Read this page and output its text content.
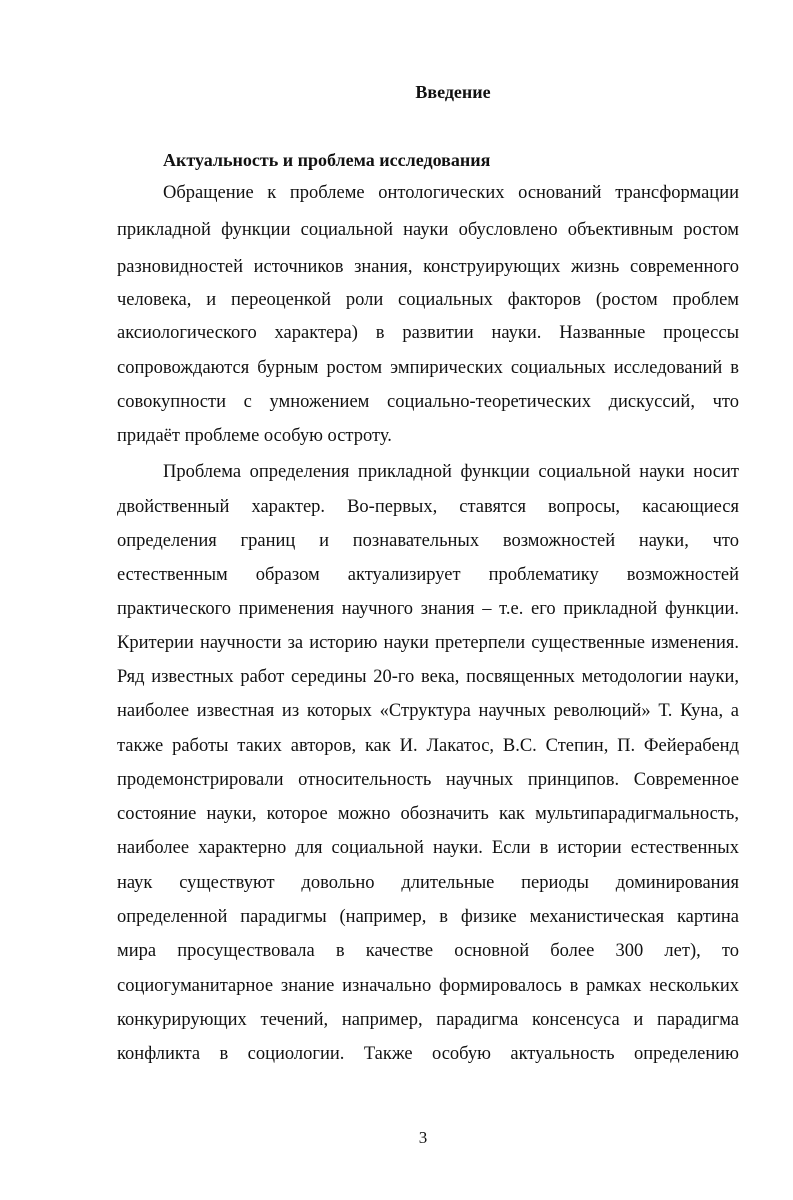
Введение
Актуальность и проблема исследования

Обращение к проблеме онтологических оснований трансформации

прикладной функции социальной науки обусловлено объективным ростом

разновидностей источников знания, конструирующих жизнь современного

человека, и переоценкой роли социальных факторов (ростом проблем

аксиологического характера) в развитии науки. Названные процессы

сопровождаются бурным ростом эмпирических социальных исследований в

совокупности с умножением социально-теоретических дискуссий, что

придаёт проблеме особую остроту.

Проблема определения прикладной функции социальной науки носит

двойственный характер. Во-первых, ставятся вопросы, касающиеся

определения границ и познавательных возможностей науки, что

естественным образом актуализирует проблематику возможностей

практического применения научного знания – т.е. его прикладной функции.

Критерии научности за историю науки претерпели существенные изменения.

Ряд известных работ середины 20-го века, посвященных методологии науки,

наиболее известная из которых «Структура научных революций» Т. Куна, а

также работы таких авторов, как И. Лакатос, В.С. Степин, П. Фейерабенд

продемонстрировали относительность научных принципов. Современное

состояние науки, которое можно обозначить как мультипарадигмальность,

наиболее характерно для социальной науки. Если в истории естественных

наук существуют довольно длительные периоды доминирования

определенной парадигмы (например, в физике механистическая картина

мира просуществовала в качестве основной более 300 лет), то

социогуманитарное знание изначально формировалось в рамках нескольких

конкурирующих течений, например, парадигма консенсуса и парадигма

конфликта в социологии. Также особую актуальность определению

3
